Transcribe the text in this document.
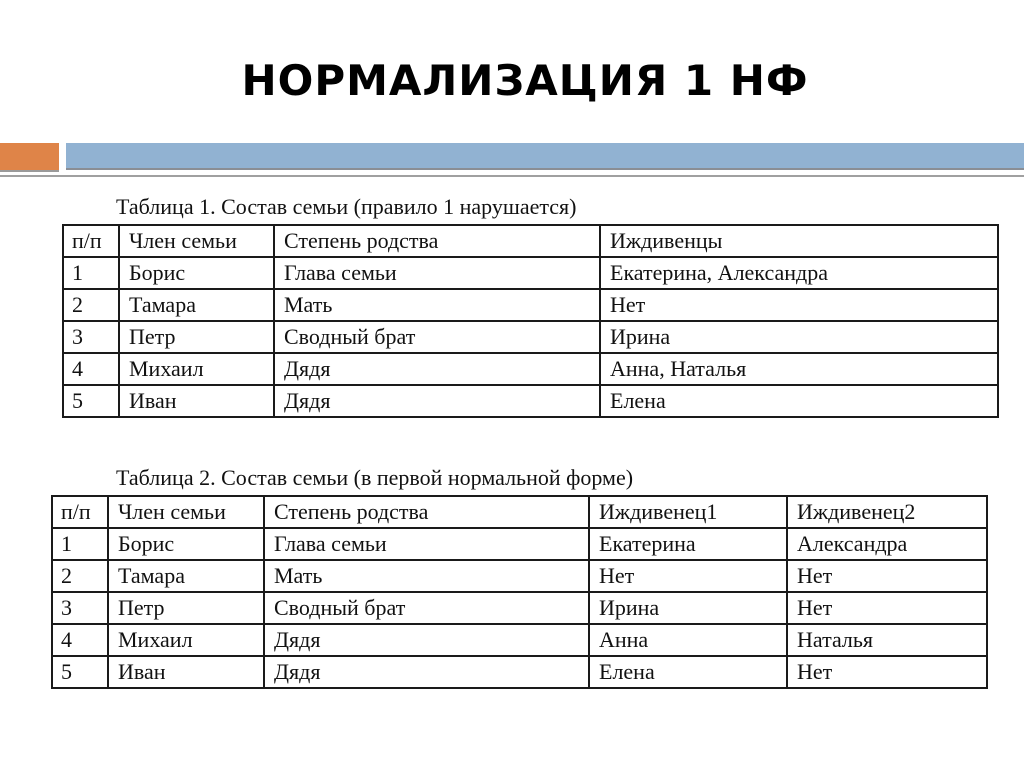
НОРМАЛИЗАЦИЯ 1 НФ
Таблица 1. Состав семьи (правило 1 нарушается)
п/п	Член семьи	Степень родства	Иждивенцы
1	Борис	Глава семьи	Екатерина, Александра
2	Тамара	Мать	Нет
3	Петр	Сводный брат	Ирина
4	Михаил	Дядя	Анна, Наталья
5	Иван	Дядя	Елена
Таблица 2. Состав семьи (в первой нормальной форме)
п/п	Член семьи	Степень родства	Иждивенец1	Иждивенец2
1	Борис	Глава семьи	Екатерина	Александра
2	Тамара	Мать	Нет	Нет
3	Петр	Сводный брат	Ирина	Нет
4	Михаил	Дядя	Анна	Наталья
5	Иван	Дядя	Елена	Нет
